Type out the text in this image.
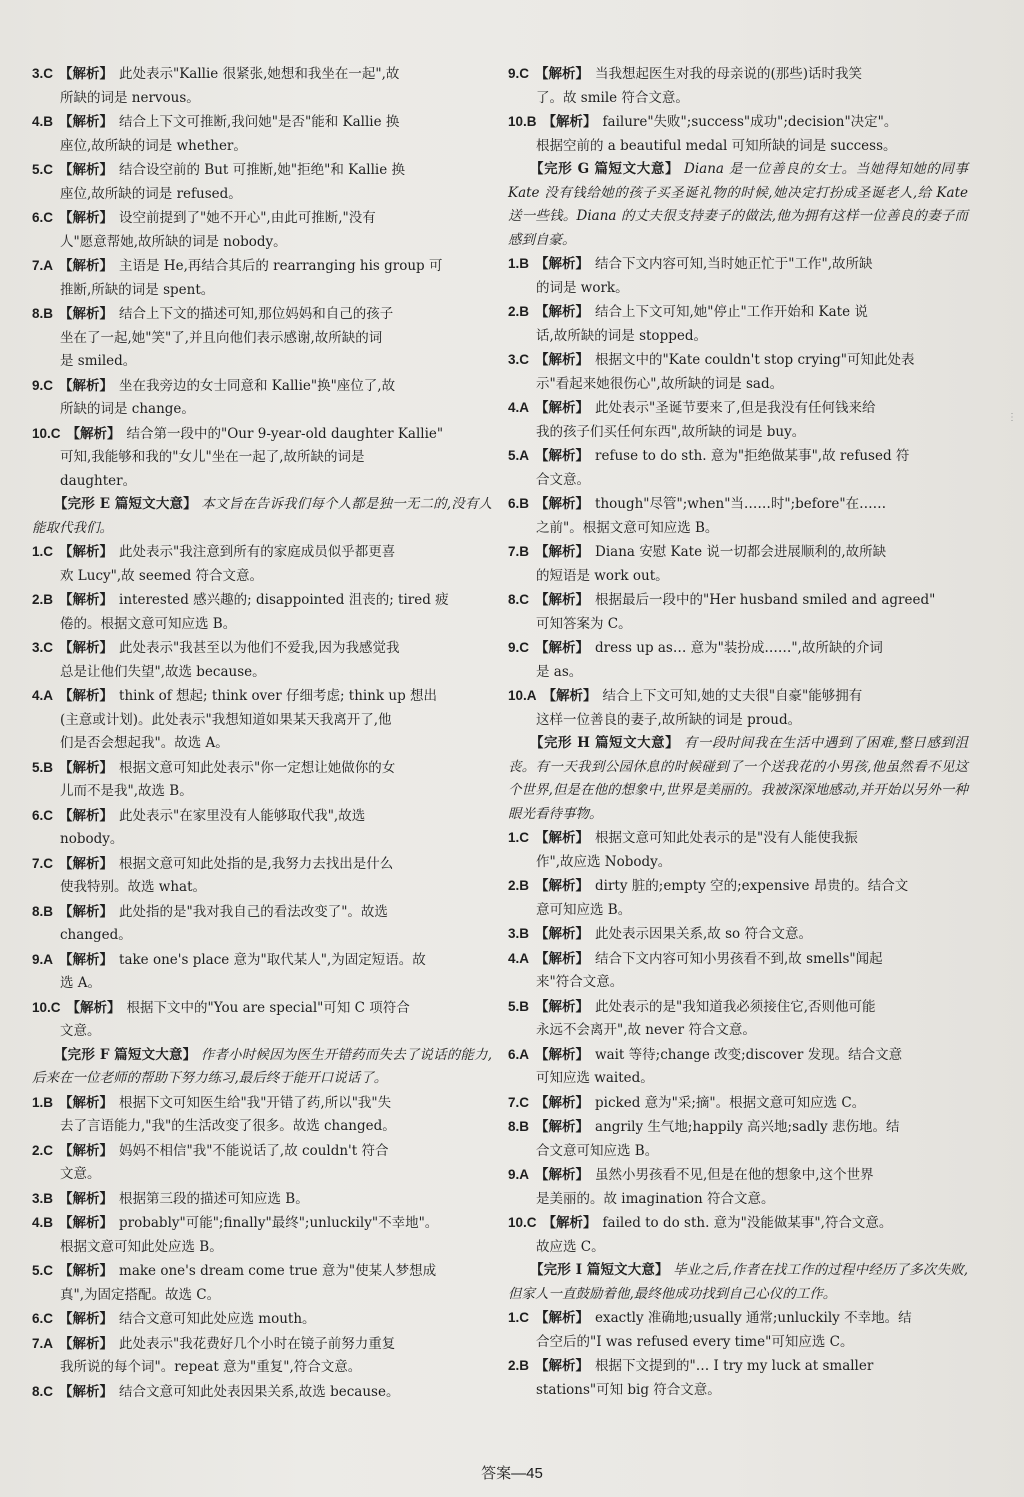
3.C 【解析】 此处表示"Kallie 很紧张,她想和我坐在一起",故
所缺的词是 nervous。

4.B 【解析】 结合上下文可推断,我问她"是否"能和 Kallie 换
座位,故所缺的词是 whether。

5.C 【解析】 结合设空前的 But 可推断,她"拒绝"和 Kallie 换
座位,故所缺的词是 refused。

6.C 【解析】 设空前提到了"她不开心",由此可推断,"没有
人"愿意帮她,故所缺的词是 nobody。

7.A 【解析】 主语是 He,再结合其后的 rearranging his group 可
推断,所缺的词是 spent。

8.B 【解析】 结合上下文的描述可知,那位妈妈和自己的孩子
坐在了一起,她"笑"了,并且向他们表示感谢,故所缺的词
是 smiled。

9.C 【解析】 坐在我旁边的女士同意和 Kallie"换"座位了,故
所缺的词是 change。

10.C 【解析】 结合第一段中的"Our 9-year-old daughter Kallie"
可知,我能够和我的"女儿"坐在一起了,故所缺的词是
daughter。

【完形 E 篇短文大意】 本文旨在告诉我们每个人都是独一无二的,没有人能取代我们。

1.C 【解析】 此处表示"我注意到所有的家庭成员似乎都更喜
欢 Lucy",故 seemed 符合文意。

2.B 【解析】 interested 感兴趣的; disappointed 沮丧的; tired 疲
倦的。根据文意可知应选 B。

3.C 【解析】 此处表示"我甚至以为他们不爱我,因为我感觉我
总是让他们失望",故选 because。

4.A 【解析】 think of 想起; think over 仔细考虑; think up 想出
(主意或计划)。此处表示"我想知道如果某天我离开了,他
们是否会想起我"。故选 A。

5.B 【解析】 根据文意可知此处表示"你一定想让她做你的女
儿而不是我",故选 B。

6.C 【解析】 此处表示"在家里没有人能够取代我",故选
nobody。

7.C 【解析】 根据文意可知此处指的是,我努力去找出是什么
使我特别。故选 what。

8.B 【解析】 此处指的是"我对我自己的看法改变了"。故选
changed。

9.A 【解析】 take one's place 意为"取代某人",为固定短语。故
选 A。

10.C 【解析】 根据下文中的"You are special"可知 C 项符合
文意。

【完形 F 篇短文大意】 作者小时候因为医生开错药而失去了说话的能力,后来在一位老师的帮助下努力练习,最后终于能开口说话了。

1.B 【解析】 根据下文可知医生给"我"开错了药,所以"我"失
去了言语能力,"我"的生活改变了很多。故选 changed。

2.C 【解析】 妈妈不相信"我"不能说话了,故 couldn't 符合
文意。

3.B 【解析】 根据第三段的描述可知应选 B。

4.B 【解析】 probably"可能";finally"最终";unluckily"不幸地"。
根据文意可知此处应选 B。

5.C 【解析】 make one's dream come true 意为"使某人梦想成
真",为固定搭配。故选 C。

6.C 【解析】 结合文意可知此处应选 mouth。

7.A 【解析】 此处表示"我花费好几个小时在镜子前努力重复
我所说的每个词"。repeat 意为"重复",符合文意。

8.C 【解析】 结合文意可知此处表因果关系,故选 because。

9.C 【解析】 当我想起医生对我的母亲说的(那些)话时我笑
了。故 smile 符合文意。

10.B 【解析】 failure"失败";success"成功";decision"决定"。
根据空前的 a beautiful medal 可知所缺的词是 success。

【完形 G 篇短文大意】 Diana 是一位善良的女士。当她得知她的同事 Kate 没有钱给她的孩子买圣诞礼物的时候,她决定打扮成圣诞老人,给 Kate 送一些钱。Diana 的丈夫很支持妻子的做法,他为拥有这样一位善良的妻子而感到自豪。

1.B 【解析】 结合下文内容可知,当时她正忙于"工作",故所缺
的词是 work。

2.B 【解析】 结合上下文可知,她"停止"工作开始和 Kate 说
话,故所缺的词是 stopped。

3.C 【解析】 根据文中的"Kate couldn't stop crying"可知此处表
示"看起来她很伤心",故所缺的词是 sad。

4.A 【解析】 此处表示"圣诞节要来了,但是我没有任何钱来给
我的孩子们买任何东西",故所缺的词是 buy。

5.A 【解析】 refuse to do sth. 意为"拒绝做某事",故 refused 符
合文意。

6.B 【解析】 though"尽管";when"当……时";before"在……
之前"。根据文意可知应选 B。

7.B 【解析】 Diana 安慰 Kate 说一切都会进展顺利的,故所缺
的短语是 work out。

8.C 【解析】 根据最后一段中的"Her husband smiled and agreed"
可知答案为 C。

9.C 【解析】 dress up as… 意为"装扮成……",故所缺的介词
是 as。

10.A 【解析】 结合上下文可知,她的丈夫很"自豪"能够拥有
这样一位善良的妻子,故所缺的词是 proud。

【完形 H 篇短文大意】 有一段时间我在生活中遇到了困难,整日感到沮丧。有一天我到公园休息的时候碰到了一个送我花的小男孩,他虽然看不见这个世界,但是在他的想象中,世界是美丽的。我被深深地感动,并开始以另外一种眼光看待事物。

1.C 【解析】 根据文意可知此处表示的是"没有人能使我振
作",故应选 Nobody。

2.B 【解析】 dirty 脏的;empty 空的;expensive 昂贵的。结合文
意可知应选 B。

3.B 【解析】 此处表示因果关系,故 so 符合文意。

4.A 【解析】 结合下文内容可知小男孩看不到,故 smells"闻起
来"符合文意。

5.B 【解析】 此处表示的是"我知道我必须接住它,否则他可能
永远不会离开",故 never 符合文意。

6.A 【解析】 wait 等待;change 改变;discover 发现。结合文意
可知应选 waited。

7.C 【解析】 picked 意为"采;摘"。根据文意可知应选 C。

8.B 【解析】 angrily 生气地;happily 高兴地;sadly 悲伤地。结
合文意可知应选 B。

9.A 【解析】 虽然小男孩看不见,但是在他的想象中,这个世界
是美丽的。故 imagination 符合文意。

10.C 【解析】 failed to do sth. 意为"没能做某事",符合文意。
故应选 C。

【完形 I 篇短文大意】 毕业之后,作者在找工作的过程中经历了多次失败,但家人一直鼓励着他,最终他成功找到自己心仪的工作。

1.C 【解析】 exactly 准确地;usually 通常;unluckily 不幸地。结
合空后的"I was refused every time"可知应选 C。

2.B 【解析】 根据下文提到的"… I try my luck at smaller
stations"可知 big 符合文意。

⋮
答案—45
